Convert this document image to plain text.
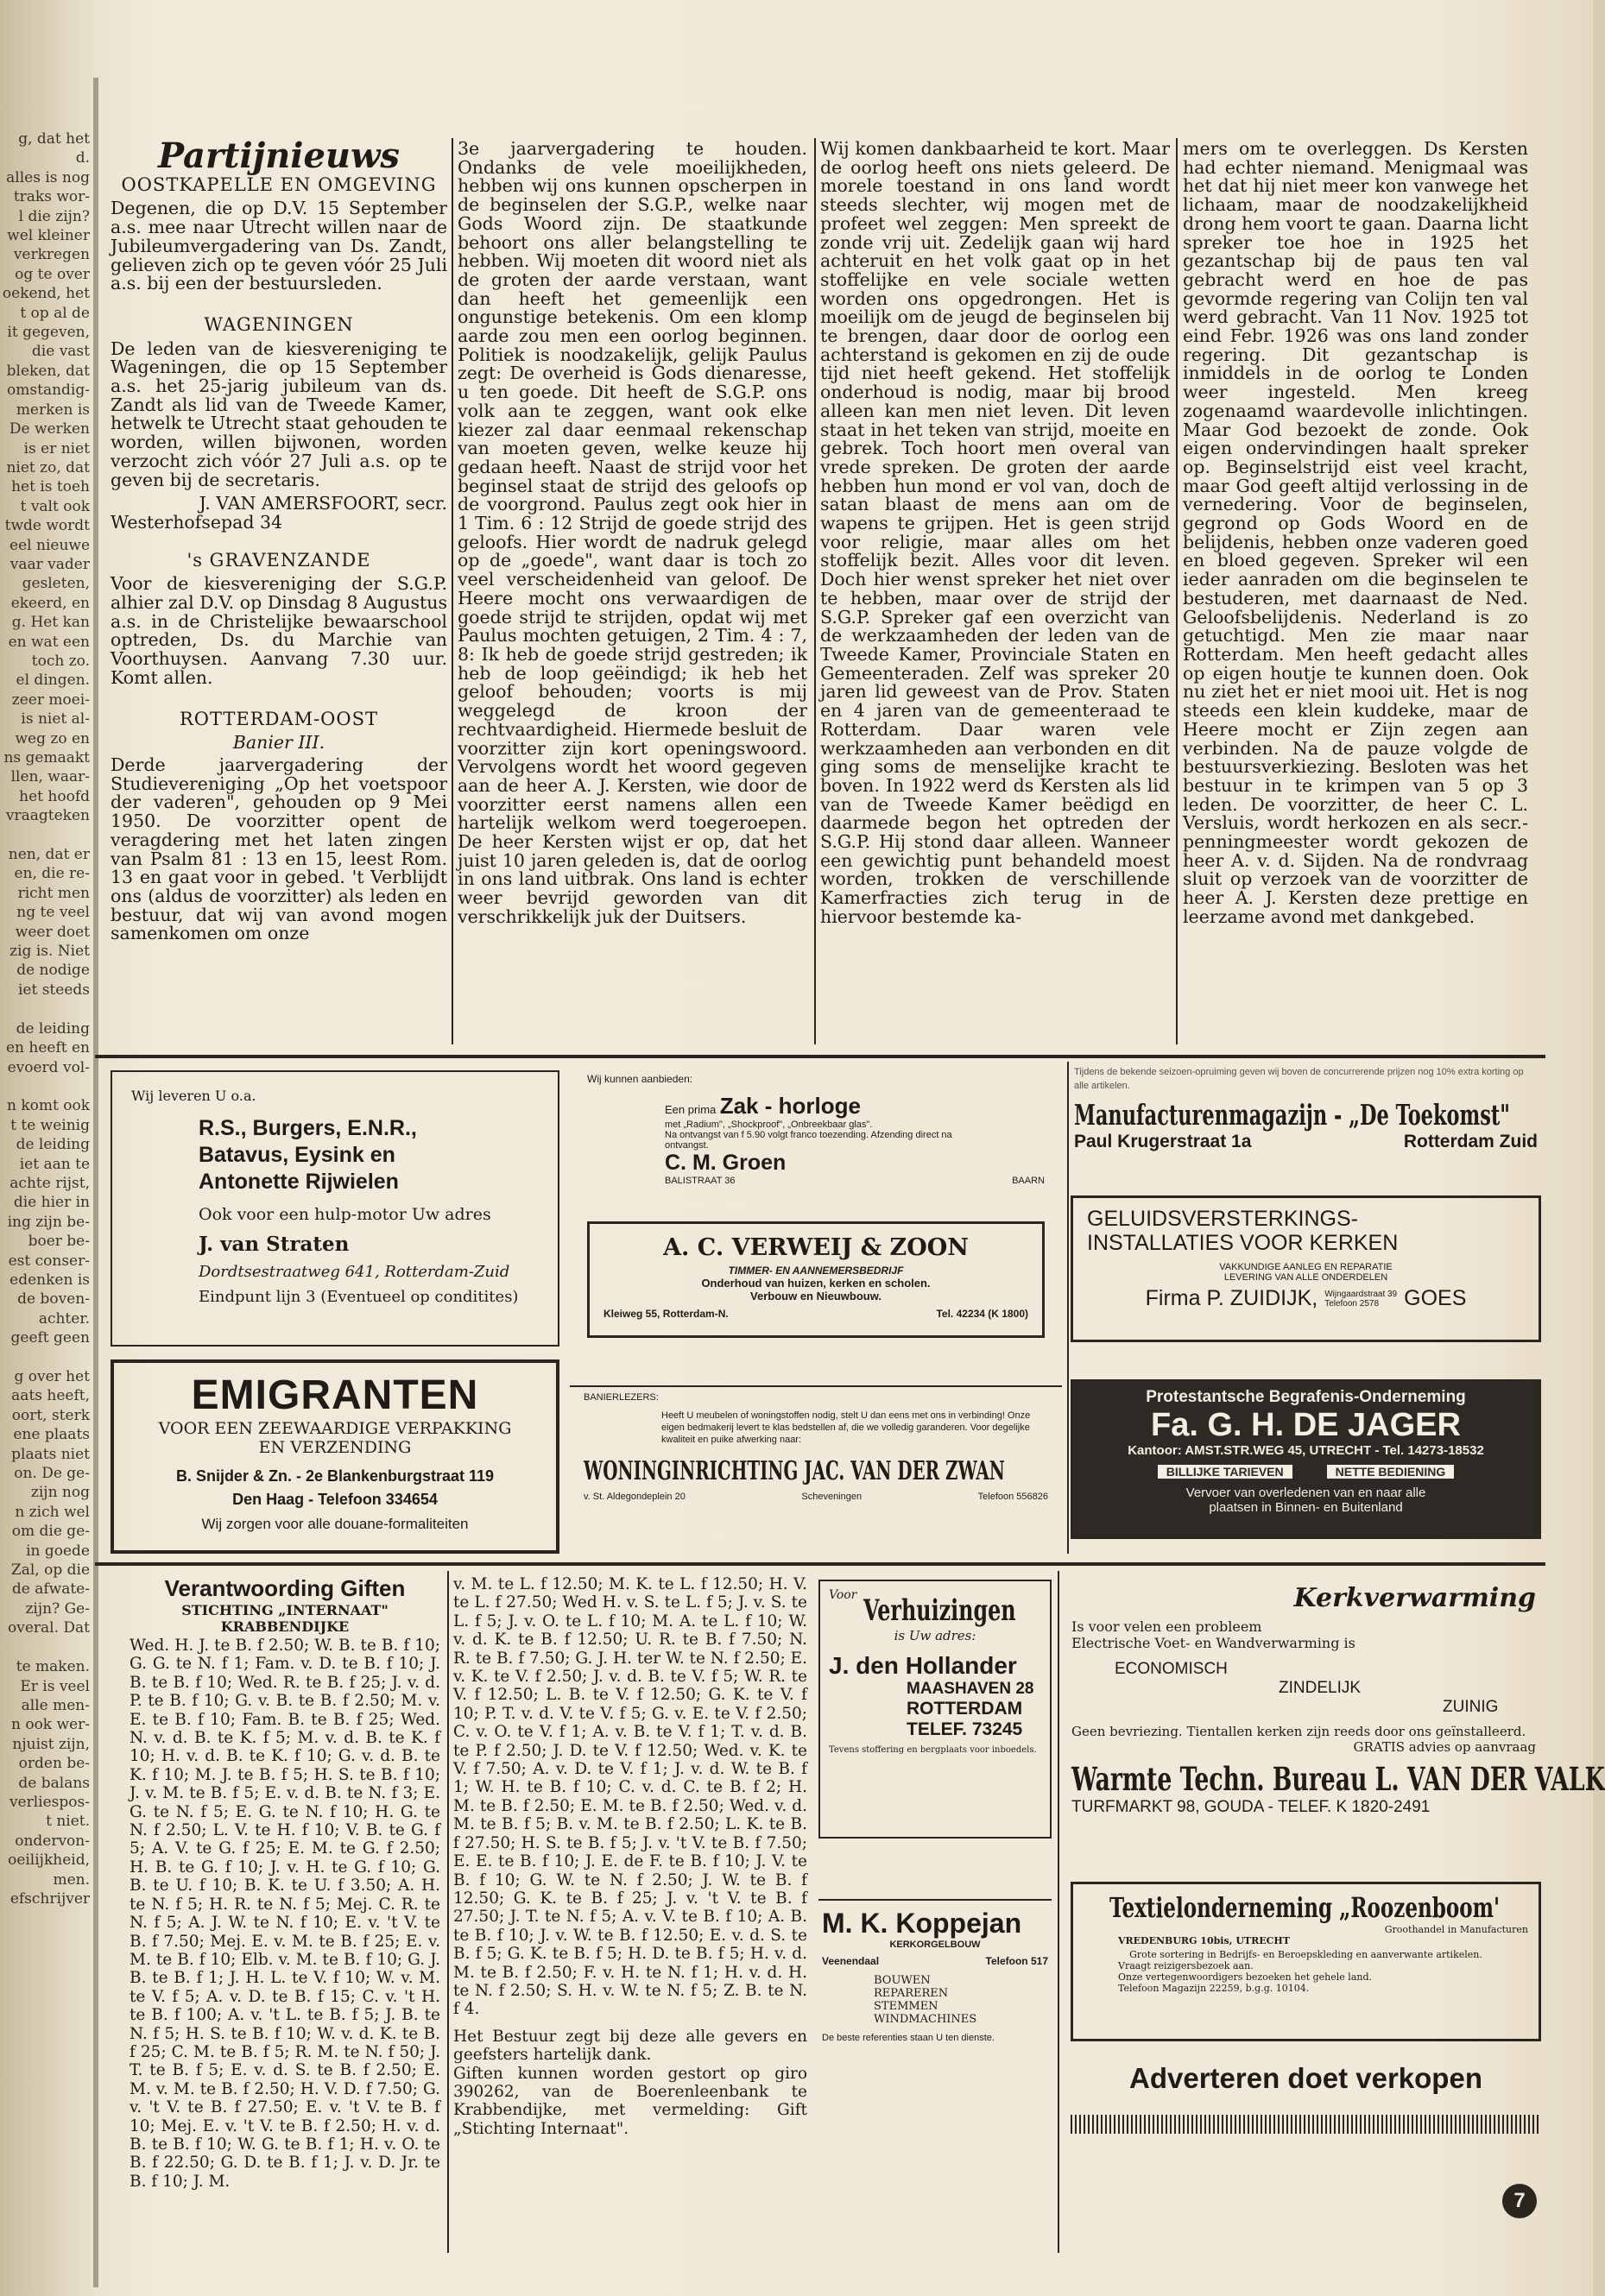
g, dat het
d.
alles is nog
traks wor-
l die zijn?
wel kleiner
verkregen
og te over
oekend, het
t op al de
it gegeven,
die vast
bleken, dat
omstandig-
merken is
De werken
is er niet
niet zo, dat
het is toeh
t valt ook
twde wordt
eel nieuwe
vaar vader
gesleten,
ekeerd, en
g. Het kan
en wat een
toch zo.
el dingen.
zeer moei-
is niet al-
weg zo en
ns gemaakt
llen, waar-
het hoofd
vraagteken

nen, dat er
en, die re-
richt men
ng te veel
weer doet
zig is. Niet
de nodige
iet steeds

de leiding
en heeft en
evoerd vol-

n komt ook
t te weinig
de leiding
iet aan te
achte rijst,
die hier in
ing zijn be-
boer be-
est conser-
edenken is
de boven-
achter.
geeft geen

g over het
aats heeft,
oort, sterk
ene plaats
plaats niet
on. De ge-
zijn nog
n zich wel
om die ge-
in goede
Zal, op die
de afwate-
zijn? Ge-
overal. Dat

te maken.
Er is veel
alle men-
n ook wer-
njuist zijn,
orden be-
de balans
verliespos-
t niet.
ondervon-
oeilijkheid,
men.
efschrijver
Partijnieuws
OOSTKAPELLE EN OMGEVING

Degenen, die op D.V. 15 September a.s. mee naar Utrecht willen naar de Jubileumvergadering van Ds. Zandt, gelieven zich op te geven vóór 25 Juli a.s. bij een der bestuursleden.

WAGENINGEN

De leden van de kiesvereniging te Wageningen, die op 15 September a.s. het 25-jarig jubileum van ds. Zandt als lid van de Tweede Kamer, hetwelk te Utrecht staat gehouden te worden, willen bijwonen, worden verzocht zich vóór 27 Juli a.s. op te geven bij de secretaris.

J. VAN AMERSFOORT, secr.
Westerhofsepad 34
's GRAVENZANDE

Voor de kiesvereniging der S.G.P. alhier zal D.V. op Dinsdag 8 Augustus a.s. in de Christelijke bewaarschool optreden, Ds. du Marchie van Voorthuysen. Aanvang 7.30 uur. Komt allen.

ROTTERDAM-OOST
Banier III.

Derde jaarvergadering der Studievereniging „Op het voetspoor der vaderen", gehouden op 9 Mei 1950. De voorzitter opent de veragdering met het laten zingen van Psalm 81 : 13 en 15, leest Rom. 13 en gaat voor in gebed. 't Verblijdt ons (aldus de voorzitter) als leden en bestuur, dat wij van avond mogen samenkomen om onze

3e jaarvergadering te houden. Ondanks de vele moeilijkheden, hebben wij ons kunnen opscherpen in de beginselen der S.G.P., welke naar Gods Woord zijn. De staatkunde behoort ons aller belangstelling te hebben. Wij moeten dit woord niet als de groten der aarde verstaan, want dan heeft het gemeenlijk een ongunstige betekenis. Om een klomp aarde zou men een oorlog beginnen. Politiek is noodzakelijk, gelijk Paulus zegt: De overheid is Gods dienaresse, u ten goede. Dit heeft de S.G.P. ons volk aan te zeggen, want ook elke kiezer zal daar eenmaal rekenschap van moeten geven, welke keuze hij gedaan heeft. Naast de strijd voor het beginsel staat de strijd des geloofs op de voorgrond. Paulus zegt ook hier in 1 Tim. 6 : 12 Strijd de goede strijd des geloofs. Hier wordt de nadruk gelegd op de „goede", want daar is toch zo veel verscheidenheid van geloof. De Heere mocht ons verwaardigen de goede strijd te strijden, opdat wij met Paulus mochten getuigen, 2 Tim. 4 : 7, 8: Ik heb de goede strijd gestreden; ik heb de loop geëindigd; ik heb het geloof behouden; voorts is mij weggelegd de kroon der rechtvaardigheid. Hiermede besluit de voorzitter zijn kort openingswoord. Vervolgens wordt het woord gegeven aan de heer A. J. Kersten, wie door de voorzitter eerst namens allen een hartelijk welkom werd toegeroepen. De heer Kersten wijst er op, dat het juist 10 jaren geleden is, dat de oorlog in ons land uitbrak. Ons land is echter weer bevrijd geworden van dit verschrikkelijk juk der Duitsers.

Wij komen dankbaarheid te kort. Maar de oorlog heeft ons niets geleerd. De morele toestand in ons land wordt steeds slechter, wij mogen met de profeet wel zeggen: Men spreekt de zonde vrij uit. Zedelijk gaan wij hard achteruit en het volk gaat op in het stoffelijke en vele sociale wetten worden ons opgedrongen. Het is moeilijk om de jeugd de beginselen bij te brengen, daar door de oorlog een achterstand is gekomen en zij de oude tijd niet heeft gekend. Het stoffelijk onderhoud is nodig, maar bij brood alleen kan men niet leven. Dit leven staat in het teken van strijd, moeite en gebrek. Toch hoort men overal van vrede spreken. De groten der aarde hebben hun mond er vol van, doch de satan blaast de mens aan om de wapens te grijpen. Het is geen strijd voor religie, maar alles om het stoffelijk bezit. Alles voor dit leven. Doch hier wenst spreker het niet over te hebben, maar over de strijd der S.G.P. Spreker gaf een overzicht van de werkzaamheden der leden van de Tweede Kamer, Provinciale Staten en Gemeenteraden. Zelf was spreker 20 jaren lid geweest van de Prov. Staten en 4 jaren van de gemeenteraad te Rotterdam. Daar waren vele werkzaamheden aan verbonden en dit ging soms de menselijke kracht te boven. In 1922 werd ds Kersten als lid van de Tweede Kamer beëdigd en daarmede begon het optreden der S.G.P. Hij stond daar alleen. Wanneer een gewichtig punt behandeld moest worden, trokken de verschillende Kamerfracties zich terug in de hiervoor bestemde ka-

mers om te overleggen. Ds Kersten had echter niemand. Menigmaal was het dat hij niet meer kon vanwege het lichaam, maar de noodzakelijkheid drong hem voort te gaan. Daarna licht spreker toe hoe in 1925 het gezantschap bij de paus ten val gebracht werd en hoe de pas gevormde regering van Colijn ten val werd gebracht. Van 11 Nov. 1925 tot eind Febr. 1926 was ons land zonder regering. Dit gezantschap is inmiddels in de oorlog te Londen weer ingesteld. Men kreeg zogenaamd waardevolle inlichtingen. Maar God bezoekt de zonde. Ook eigen ondervindingen haalt spreker op. Beginselstrijd eist veel kracht, maar God geeft altijd verlossing in de vernedering. Voor de beginselen, gegrond op Gods Woord en de belijdenis, hebben onze vaderen goed en bloed gegeven. Spreker wil een ieder aanraden om die beginselen te bestuderen, met daarnaast de Ned. Geloofsbelijdenis. Nederland is zo getuchtigd. Men zie maar naar Rotterdam. Men heeft gedacht alles op eigen houtje te kunnen doen. Ook nu ziet het er niet mooi uit. Het is nog steeds een klein kuddeke, maar de Heere mocht er Zijn zegen aan verbinden. Na de pauze volgde de bestuursverkiezing. Besloten was het bestuur in te krimpen van 5 op 3 leden. De voorzitter, de heer C. L. Versluis, wordt herkozen en als secr.-penningmeester wordt gekozen de heer A. v. d. Sijden. Na de rondvraag sluit op verzoek van de voorzitter de heer A. J. Kersten deze prettige en leerzame avond met dankgebed.

Wij leveren U o.a.
R.S., Burgers, E.N.R.,
Batavus, Eysink en
Antonette Rijwielen
Ook voor een hulp-motor Uw adres
J. van Straten
Dordtsestraatweg 641, Rotterdam-Zuid
Eindpunt lijn 3 (Eventueel op conditites)
EMIGRANTEN
VOOR EEN ZEEWAARDIGE VERPAKKING
EN VERZENDING
B. Snijder & Zn. - 2e Blankenburgstraat 119
Den Haag - Telefoon 334654
Wij zorgen voor alle douane-formaliteiten
Wij kunnen aanbieden:
Een prima Zak - horloge
met „Radium", „Shockproof", „Onbreekbaar glas".
Na ontvangst van f 5.90 volgt franco toezending. Afzending direct na ontvangst.
C. M. Groen
BALISTRAAT 36	BAARN
A. C. VERWEIJ & ZOON
TIMMER- EN AANNEMERSBEDRIJF
Onderhoud van huizen, kerken en scholen.
Verbouw en Nieuwbouw.
Kleiweg 55, Rotterdam-N.	Tel. 42234 (K 1800)
BANIERLEZERS:
Heeft U meubelen of woningstoffen nodig, stelt U dan eens met ons in verbinding! Onze eigen bedmakerij levert te klas bedstellen af, die we volledig garanderen. Voor degelijke kwaliteit en puike afwerking naar:
WONINGINRICHTING JAC. VAN DER ZWAN
v. St. Aldegondeplein 20	Scheveningen	Telefoon 556826
Tijdens de bekende seizoen-opruiming geven wij boven de concurrerende prijzen nog 10% extra korting op alle artikelen.
Manufacturenmagazijn - „De Toekomst"
Paul Krugerstraat 1a	Rotterdam Zuid
GELUIDSVERSTERKINGS-
INSTALLATIES VOOR KERKEN
VAKKUNDIGE AANLEG EN REPARATIE
LEVERING VAN ALLE ONDERDELEN
Firma P. ZUIDIJK, Wijngaardstraat 39
Telefoon 2578	GOES
Protestantsche Begrafenis-Onderneming
Fa. G. H. DE JAGER
Kantoor: AMST.STR.WEG 45, UTRECHT - Tel. 14273-18532
BILLIJKE TARIEVEN	NETTE BEDIENING
Vervoer van overledenen van en naar alle
plaatsen in Binnen- en Buitenland
Verantwoording Giften
STICHTING „INTERNAAT"
KRABBENDIJKE
Wed. H. J. te B. f 2.50; W. B. te B. f 10; G. G. te N. f 1; Fam. v. D. te B. f 10; J. B. te B. f 10; Wed. R. te B. f 25; J. v. d. P. te B. f 10; G. v. B. te B. f 2.50; M. v. E. te B. f 10; Fam. B. te B. f 25; Wed. N. v. d. B. te K. f 5; M. v. d. B. te K. f 10; H. v. d. B. te K. f 10; G. v. d. B. te K. f 10; M. J. te B. f 5; H. S. te B. f 10; J. v. M. te B. f 5; E. v. d. B. te N. f 3; E. G. te N. f 5; E. G. te N. f 10; H. G. te N. f 2.50; L. V. te H. f 10; V. B. te G. f 5; A. V. te G. f 25; E. M. te G. f 2.50; H. B. te G. f 10; J. v. H. te G. f 10; G. B. te U. f 10; B. K. te U. f 3.50; A. H. te N. f 5; H. R. te N. f 5; Mej. C. R. te N. f 5; A. J. W. te N. f 10; E. v. 't V. te B. f 7.50; Mej. E. v. M. te B. f 25; E. v. M. te B. f 10; Elb. v. M. te B. f 10; G. J. B. te B. f 1; J. H. L. te V. f 10; W. v. M. te V. f 5; A. v. D. te B. f 15; C. v. 't H. te B. f 100; A. v. 't L. te B. f 5; J. B. te N. f 5; H. S. te B. f 10; W. v. d. K. te B. f 25; C. M. te B. f 5; R. M. te N. f 50; J. T. te B. f 5; E. v. d. S. te B. f 2.50; E. M. v. M. te B. f 2.50; H. V. D. f 7.50; G. v. 't V. te B. f 27.50; E. v. 't V. te B. f 10; Mej. E. v. 't V. te B. f 2.50; H. v. d. B. te B. f 10; W. G. te B. f 1; H. v. O. te B. f 22.50; G. D. te B. f 1; J. v. D. Jr. te B. f 10; J. M.
v. M. te L. f 12.50; M. K. te L. f 12.50; H. V. te L. f 27.50; Wed H. v. S. te L. f 5; J. v. S. te L. f 5; J. v. O. te L. f 10; M. A. te L. f 10; W. v. d. K. te B. f 12.50; U. R. te B. f 7.50; N. R. te B. f 7.50; G. J. H. ter W. te N. f 2.50; E. v. K. te V. f 2.50; J. v. d. B. te V. f 5; W. R. te V. f 12.50; L. B. te V. f 12.50; G. K. te V. f 10; P. T. v. d. V. te V. f 5; G. v. E. te V. f 2.50; C. v. O. te V. f 1; A. v. B. te V. f 1; T. v. d. B. te P. f 2.50; J. D. te V. f 12.50; Wed. v. K. te V. f 7.50; A. v. D. te V. f 1; J. v. d. W. te B. f 1; W. H. te B. f 10; C. v. d. C. te B. f 2; H. M. te B. f 2.50; E. M. te B. f 2.50; Wed. v. d. M. te B. f 5; B. v. M. te B. f 2.50; L. K. te B. f 27.50; H. S. te B. f 5; J. v. 't V. te B. f 7.50; E. E. te B. f 10; J. E. de F. te B. f 10; J. V. te B. f 10; G. W. te N. f 2.50; J. W. te B. f 12.50; G. K. te B. f 25; J. v. 't V. te B. f 27.50; J. T. te N. f 5; A. v. V. te B. f 10; A. B. te B. f 10; J. v. W. te B. f 12.50; E. v. d. S. te B. f 5; G. K. te B. f 5; H. D. te B. f 5; H. v. d. M. te B. f 2.50; F. v. H. te N. f 1; H. v. d. H. te N. f 2.50; S. H. v. W. te N. f 5; Z. B. te N. f 4.

Het Bestuur zegt bij deze alle gevers en geefsters hartelijk dank.

Giften kunnen worden gestort op giro 390262, van de Boerenleenbank te Krabbendijke, met vermelding: Gift „Stichting Internaat".

Voor Verhuizingen
is Uw adres:
J. den Hollander
MAASHAVEN 28
ROTTERDAM
TELEF. 73245
Tevens stoffering en bergplaats voor inboedels.
M. K. Koppejan
KERKORGELBOUW
Veenendaal	Telefoon 517
BOUWEN
REPAREREN
STEMMEN
WINDMACHINES
De beste referenties staan U ten dienste.
Kerkverwarming
Is voor velen een probleem
Electrische Voet- en Wandverwarming is
ECONOMISCH
ZINDELIJK
ZUINIG
Geen bevriezing. Tientallen kerken zijn reeds door ons geïnstalleerd.
GRATIS advies op aanvraag
Warmte Techn. Bureau L. VAN DER VALK
TURFMARKT 98, GOUDA - TELEF. K 1820-2491
Textielonderneming „Roozenboom'
Groothandel in Manufacturen
VREDENBURG 10bis, UTRECHT
Grote sortering in Bedrijfs- en Beroepskleding en aanverwante artikelen.
Vraagt reizigersbezoek aan.
Onze vertegenwoordigers bezoeken het gehele land.
Telefoon Magazijn 22259, b.g.g. 10104.
Adverteren doet verkopen
7
